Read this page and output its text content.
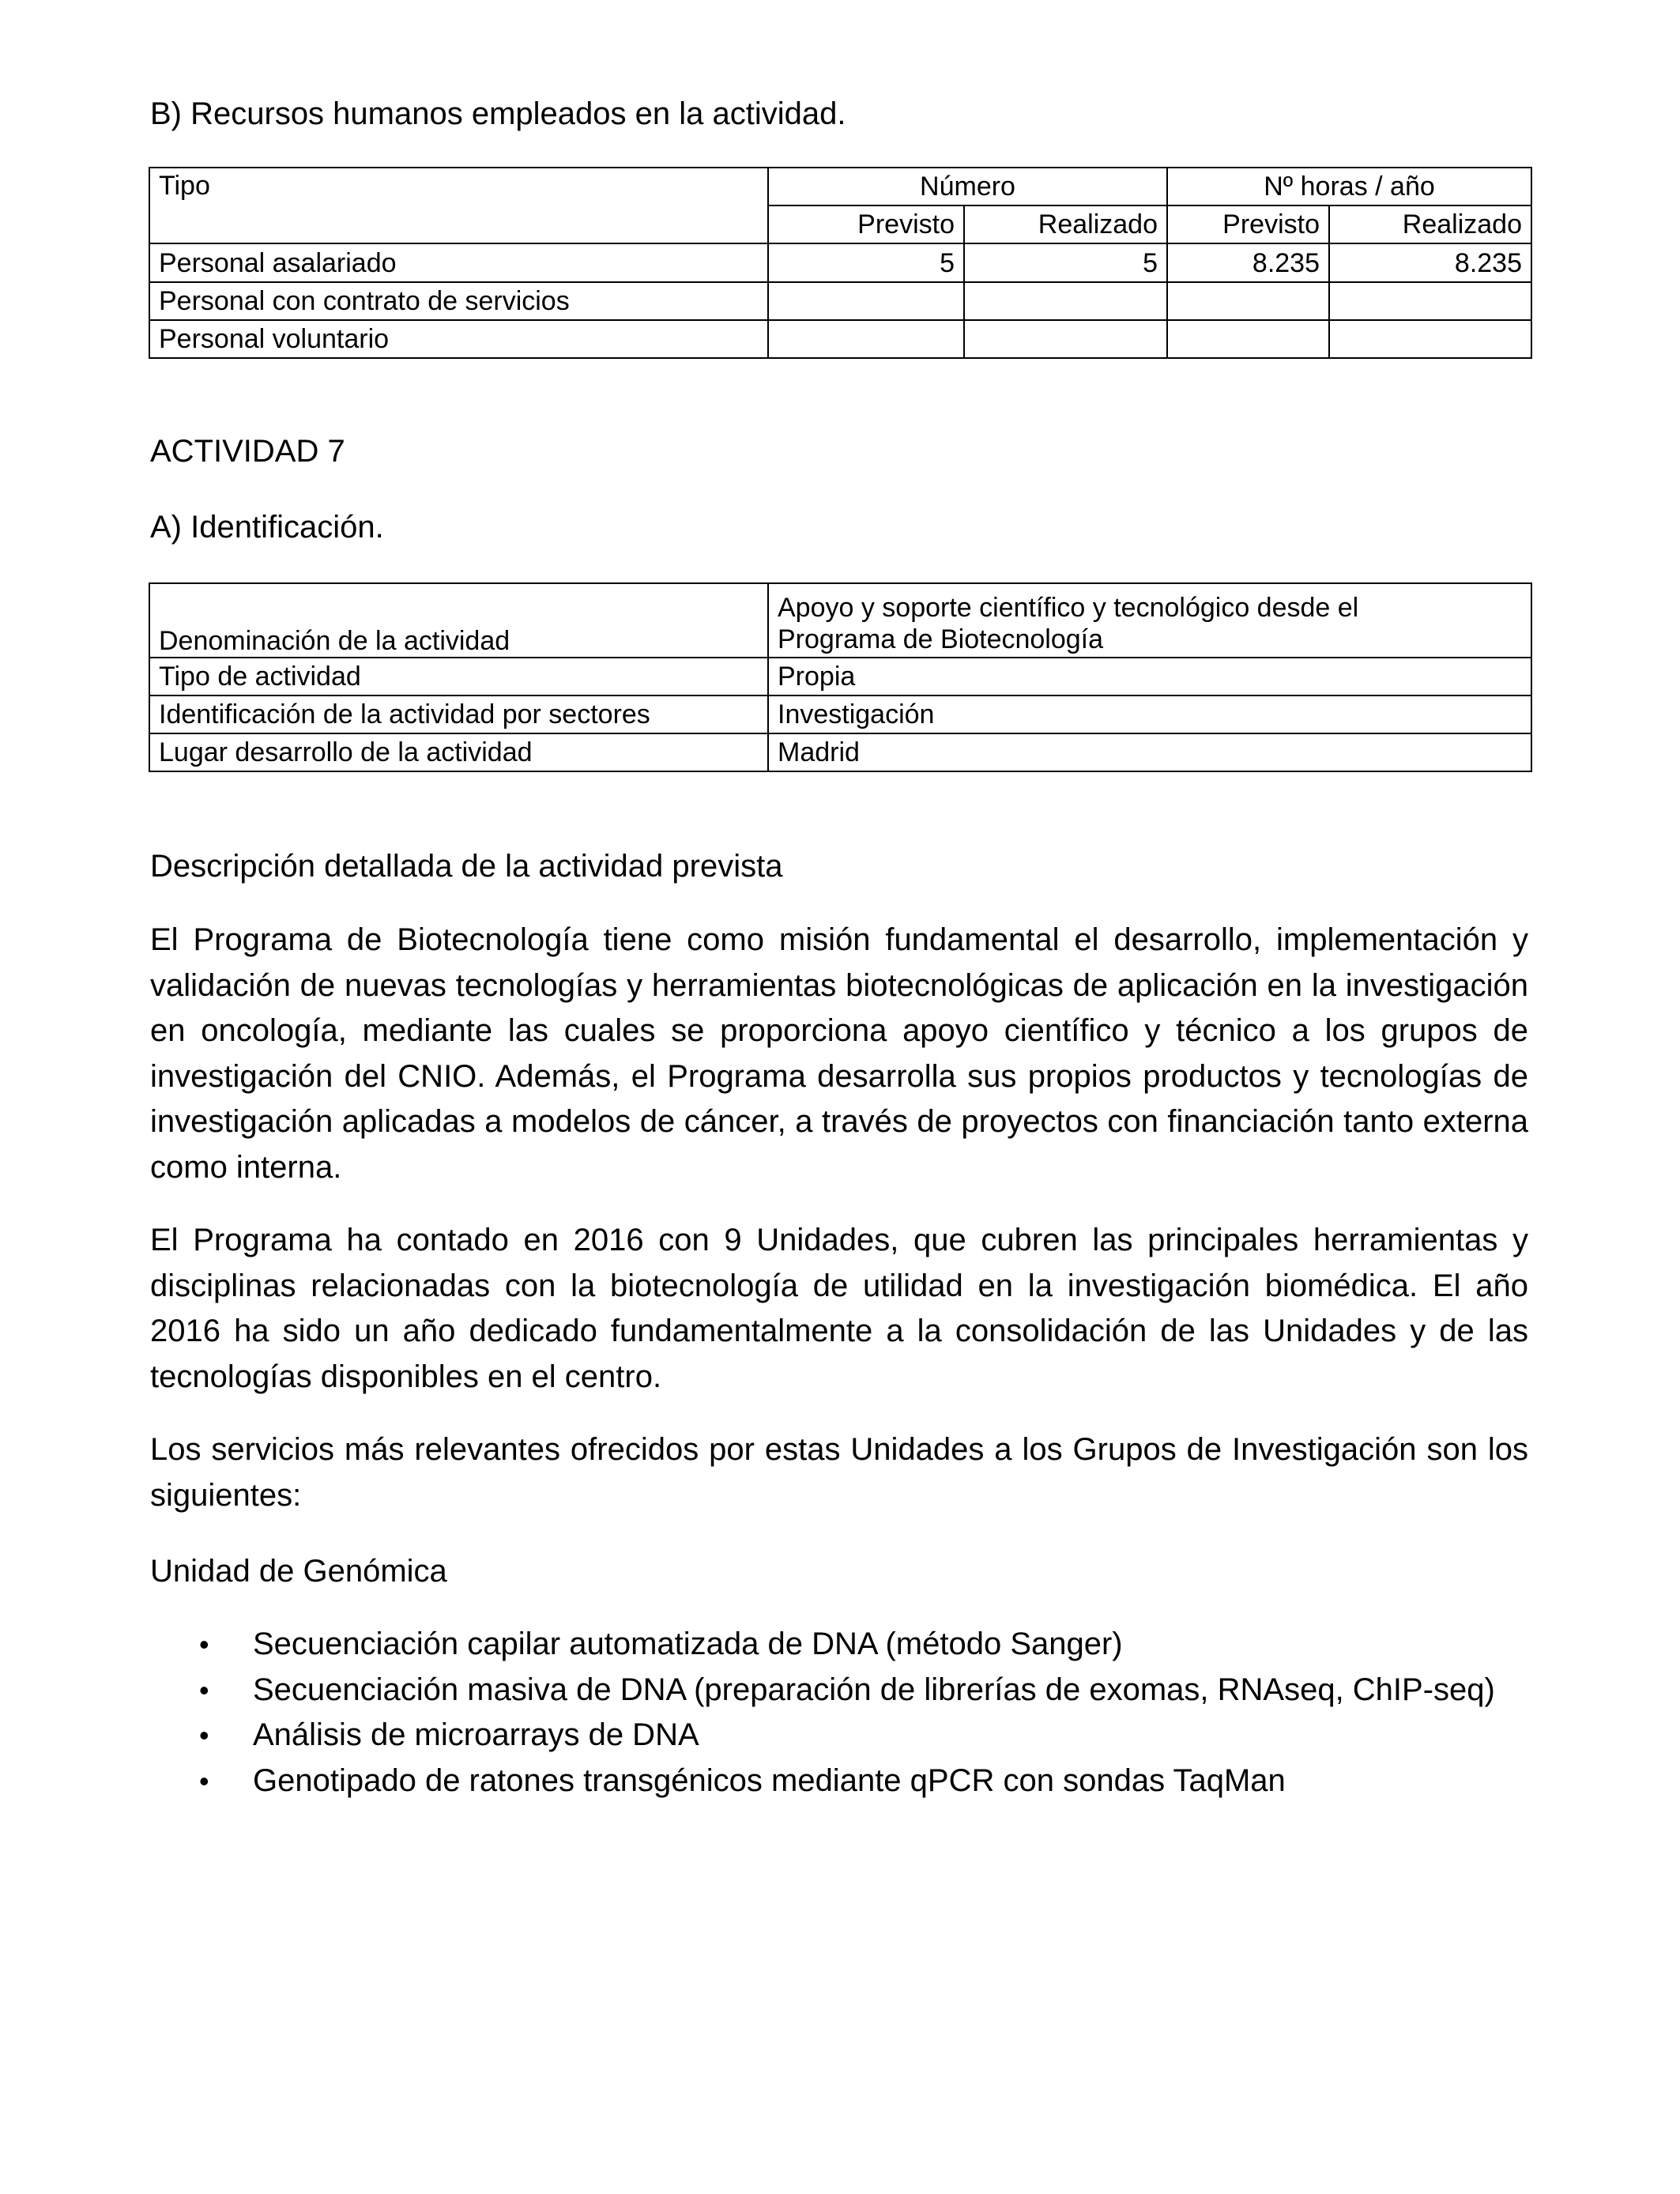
B) Recursos humanos empleados en la actividad.
Tipo	Número		Nº horas / año	
	Previsto	Realizado	Previsto	Realizado
Personal asalariado	5	5	8.235	8.235
Personal con contrato de servicios				
Personal voluntario				
ACTIVIDAD 7
A) Identificación.
Denominación de la actividad	Apoyo y soporte científico y tecnológico desde el
Programa de Biotecnología

Tipo de actividad	Propia
Identificación de la actividad por sectores	Investigación
Lugar desarrollo de la actividad	Madrid
Descripción detallada de la actividad prevista

El Programa de Biotecnología tiene como misión fundamental el desarrollo, implementación y validación de nuevas tecnologías y herramientas biotecnológicas de aplicación en la investigación en oncología, mediante las cuales se proporciona apoyo científico y técnico a los grupos de investigación del CNIO. Además, el Programa desarrolla sus propios productos y tecnologías de investigación aplicadas a modelos de cáncer, a través de proyectos con financiación tanto externa como interna.

El Programa ha contado en 2016 con 9 Unidades, que cubren las principales herramientas y disciplinas relacionadas con la biotecnología de utilidad en la investigación biomédica. El año 2016 ha sido un año dedicado fundamentalmente a la consolidación de las Unidades y de las tecnologías disponibles en el centro.

Los servicios más relevantes ofrecidos por estas Unidades a los Grupos de Investigación son los siguientes:

Unidad de Genómica
• Secuenciación capilar automatizada de DNA (método Sanger)
• Secuenciación masiva de DNA (preparación de librerías de exomas, RNAseq, ChIP-seq)
• Análisis de microarrays de DNA
• Genotipado de ratones transgénicos mediante qPCR con sondas TaqMan
